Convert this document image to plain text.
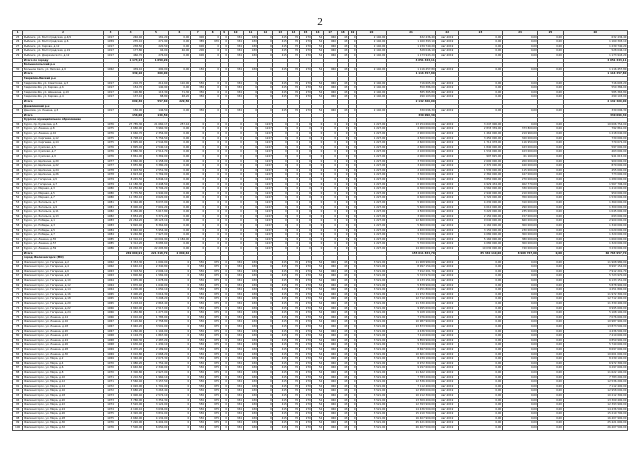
2
1	2	3	4	5	6	7	8	9	10	11	12	13	14	15	16	17	18	19	20	21	22	23	24	25	26
25	Рыбинск, ул. Волгоградская, д.4/9	1917	246,40	181,20	0,00	900	0	0	334	430	0	415	70	270	54	960	43	0	2 140,00	632 436,40	Авг.2019	0,00	0,00	0,00	632 436,40
26	Рыбинск, ул. Волгоградская, д.6	1959	235,10	271,90	0,00	385	970	0	334	430	0	415	70	270	54	960	43	0	2 140,00	1 160 393,10	Авг.2019	0,00	0,00	0,00	1 160 393,10
27	Рыбинск, ул. Кирова, д.12	1917	238,50	220,50	0,00	600	0	0	334	430	0	415	70	270	54	960	43	0	2 140,00	1 239 740,20	Авг.2019	0,00	0,00	0,00	1 239 740,20
28	Рыбинск, ул. Волгоградская, д.19	1917	177,80	94,00	46,00	200	0	0	334	430	0	415	70	270	54	960	43	0	2 140,00	528 046,10	Авг.2019	0,00	0,00	0,00	528 046,10
29	Рыбинск, ул. Дзержинского, д.12	1917	466,70	276,60	0,00	600	0	0	334	430	0	415	70	270	54	960	43	0	2 140,00	1 173 943,20	Авг.2019	0,00	0,00	0,00	1 173 943,20
	Итого по городу		1 173,13	1 059,20																4 651 443,11					4 651 443,11
	Большесельский р-н																								
30	Большое Село, ул. Ямская, д.9	1962	439,10	400,00	0,00	150	0	0	334	430	0	415	70	270	54	960	43	0	2 140,00	1 116 457,80	Авг.2019	0,00	0,00	0,00	1 116 457,80
	Итого		439,10	400,00																1 116 457,80					1 116 457,80
	Гаврилов-Ямский р-н																								
31	Гаврилов-Ям, ул. Советская, д.3	1917	216,70	212,60	110,00	550	0	0	334	0	0	415	70	270	54	960	43	0	2 140,00	716 605,20	Авг.2019	0,00	0,00	0,00	716 605,20
32	Гаврилов-Ям, ул. Кирова, д.6	1917	154,70	140,90	0,00	350	0	0	334	0	0	415	70	270	54	960	43	0	2 140,00	550 386,00	Авг.2019	0,00	0,00	0,00	550 386,00
33	Гаврилов-Ям, ул. Шишкина, д.19	1917	190,80	115,30	71,30	350	0	0	334	0	0	415	70	270	54	960	43	0	2 140,00	585 365,80	Авг.2019	0,00	0,00	0,00	585 365,80
34	Гаврилов-Ям, ул. Кирова, д.4	1917	137,10	88,80	48,20	350	0	0	334	0	0	415	70	270	54	960	43	0	2 140,00	290 103,00	Авг.2019	0,00	0,00	0,00	290 103,00
	Итого		699,30	557,60	229,50															2 142 460,00					2 142 460,00
	Даниловский р-н																								
35	Данилов, ул. Ленина, д.5	1917	156,00	146,50	0,00	350	0	0	334	0	0	415	70	270	54	960	43	0	2 140,00	330 096,30	Авг.2019	0,00	0,00	0,00	330 096,30
	Итого		156,00	146,50																330 096,30					330 096,30
	Курское муниципальное образование																								
36	Курск, пр. Кулакова, д.5	1976	27 785,30	21 660,17	257,16	0	0	0	0	0	1227	0	0	0	0	0	0	0	1 227,00	13 254 660,00	Авг.2019	3 247 906,00	0,00	0,00	10 006 754,00
37	Курск, ул. Ленина, д.8	1975	4 680,00	3 960,30	0,00	0	0	0	0	0	1227	0	0	0	0	0	0	0	1 227,00	4 000 000,00	Авг.2019	2 833 339,00	373 800,00	0,00	792 861,00
38	Курск, ул. Ленина, д.10	1976	2 660,70	2 356,90	0,00	0	0	0	0	0	1227	0	0	0	0	0	0	0	1 227,00	2 900 000,00	Авг.2019	1 462 000,00	219 960,00	0,00	1 218 040,00
39	Курск, ул. Сергеева, д.12	1975	6 798,10	5 756,50	0,00	0	0	0	0	0	1227	0	0	0	0	0	0	0	1 227,00	4 500 000,00	Авг.2019	3 450 000,00	320 000,00	0,00	730 000,00
40	Курск, ул. Сергеева, д.14	1975	2 895,40	2 544,80	0,00	0	0	0	0	0	1227	0	0	0	0	0	0	0	1 227,00	2 600 000,00	Авг.2019	1 712 978,00	116 950,00	0,00	770 072,00
41	Курск, ул. Сумская, д.5	1976	2 895,40	2 540,10	0,00	0	0	0	0	0	1227	0	0	0	0	0	0	0	1 227,00	2 600 000,00	Авг.2019	1 840 000,00	163 000,00	0,00	597 000,00
42	Курск, ул. Сумская, д.7	1976	2 880,30	2 514,70	0,00	0	0	0	0	0	1227	0	0	0	0	0	0	0	1 227,00	2 100 000,00	Авг.2019	1 534 000,00	103 000,00	0,00	463 000,00
43	Курск, ул. Сумская, д.9	1976	3 861,00	3 369,00	0,00	0	0	0	0	0	1227	0	0	0	0	0	0	0	1 227,00	2 000 000,00	Авг.2019	997 825,00	61 160,00	0,00	941 015,00
44	Курск, ул. Щепкина, д.20	1977	4 860,00	4 158,00	0,00	0	0	0	0	0	1227	0	0	0	0	0	0	0	1 227,00	3 700 000,00	Авг.2019	2 600 000,00	200 000,00	0,00	900 000,00
45	Курск, ул. Щепкина, д.22	1977	3 855,80	3 380,20	0,00	0	0	0	0	0	1227	0	0	0	0	0	0	0	1 227,00	3 400 000,00	Авг.2019	2 370 000,00	160 000,00	0,00	870 000,00
46	Курск, ул. Щепкина, д.24	1978	2 903,50	2 551,30	0,00	0	0	0	0	0	1227	0	0	0	0	0	0	0	1 227,00	2 100 000,00	Авг.2019	1 530 000,00	115 000,00	0,00	455 000,00
47	Курск, ул. Щепкина, д.26	1978	4 823,40	3 769,00	0,00	0	0	0	0	0	1227	0	0	0	0	0	0	0	1 227,00	3 300 000,00	Авг.2019	2 360 000,00	167 000,00	0,00	773 000,00
48	Курск, ул. Гагарина, д.5	1979	8 245,50	6 846,10	0,00	0	0	0	0	0	1227	0	0	0	0	0	0	0	1 227,00	5 400 000,00	Авг.2019	3 850 000,00	270 000,00	0,00	1 280 000,00
49	Курск, ул. Гагарина, д.7	1979	12 180,30	9 448,50	0,00	0	0	0	0	0	1227	0	0	0	0	0	0	0	1 227,00	6 900 000,00	Авг.2019	4 929 434,00	402 770,00	0,00	1 567 796,00
50	Курск, ул. Мирная, д.3	1980	10 250,60	8 706,20	0,00	0	0	0	0	0	1227	0	0	0	0	0	0	0	1 227,00	6 300 000,00	Авг.2019	4 560 000,00	330 000,00	0,00	1 410 000,00
51	Курск, ул. Мирная, д.5	1980	5 735,50	4 940,00	0,00	0	0	0	0	0	1227	0	0	0	0	0	0	0	1 227,00	4 100 000,00	Авг.2019	2 940 000,00	210 000,00	0,00	950 000,00
52	Курск, ул. Мирная, д.7	1980	11 350,10	9 620,00	0,00	0	0	0	0	0	1227	0	0	0	0	0	0	0	1 227,00	6 600 000,00	Авг.2019	4 720 000,00	350 000,00	0,00	1 530 000,00
53	Курск, ул. Энгельса, д.7	1981	9 346,90	8 037,00	0,00	0	0	0	0	0	1227	0	0	0	0	0	0	0	1 227,00	5 900 000,00	Авг.2019	4 230 000,00	310 000,00	0,00	1 360 000,00
54	Курск, ул. Энгельса, д.9	1981	8 900,40	7 601,20	0,00	0	0	0	0	0	1227	0	0	0	0	0	0	0	1 227,00	5 600 000,00	Авг.2019	4 010 000,00	290 000,00	0,00	1 300 000,00
55	Курск, ул. Энгельса, д.11	1982	6 456,90	5 617,80	0,00	0	0	0	0	0	1227	0	0	0	0	0	0	0	1 227,00	4 500 000,00	Авг.2019	3 220 000,00	235 000,00	0,00	1 045 000,00
56	Курск, ул. Энгельса, д.13	1982	3 854,20	3 371,20	0,00	0	0	0	0	0	1227	0	0	0	0	0	0	0	1 227,00	3 000 000,00	Авг.2019	2 150 000,00	157 000,00	0,00	693 000,00
57	Курск, ул. Победы, д.1	1983	22 264,20	18 123,10	0,00	0	0	0	0	0	1227	0	0	0	0	0	0	0	1 227,00	12 600 000,00	Авг.2019	9 040 000,00	660 000,00	0,00	2 900 000,00
58	Курск, ул. Победы, д.3	1983	9 820,40	8 362,60	0,00	0	0	0	0	0	1227	0	0	0	0	0	0	0	1 227,00	5 800 000,00	Авг.2019	4 160 000,00	300 000,00	0,00	1 340 000,00
59	Курск, ул. Победы, д.5	1984	6 840,40	5 954,40	0,00	0	0	0	0	0	1227	0	0	0	0	0	0	0	1 227,00	4 400 000,00	Авг.2019	3 150 000,00	230 000,00	0,00	1 020 000,00
60	Курск, ул. Победы, д.7	1984	9 246,80	7 927,00	0,00	0	0	0	0	0	1227	0	0	0	0	0	0	0	1 227,00	5 700 000,00	Авг.2019	4 080 000,00	300 000,00	0,00	1 320 000,00
61	Курск, ул. Ленина, д.55	1985	12 316,10	10 002,90	1 184,00	0	0	0	0	0	1227	0	0	0	0	0	0	0	1 227,00	7 200 000,00	Авг.2019	5 160 000,00	380 000,00	0,00	1 660 000,00
62	Курск, ул. Ленина, д.57	1985	9 312,20	8 085,60	0,00	0	0	0	0	0	1227	0	0	0	0	0	0	0	1 227,00	5 700 000,00	Авг.2019	4 080 000,00	300 000,00	0,00	1 320 000,00
63	Курск, ул. Ленина, д.59	1986	26 002,70	22 205,80	0,00	0	0	0	0	0	1227	0	0	0	0	0	0	0	1 227,00	14 000 000,00	Авг.2019	10 030 000,00	740 000,00	0,00	3 230 000,00
	Итого		269 060,91	221 418,79	2 660,62															155 011 834,70		85 340 110,00	8 908 767,00	0,00	60 763 957,70
	город Железногорск (МО)																								
64	Железногорск, ул. Гагарина, д.2	1962	3 353,30	1 000,00	0	550	975	0	334	430	0	415	70	270	54	960	43	0	3 521,00	11 908 980,00	Авг.2019	0,00	0,00	0,00	11 908 980,00
65	Железногорск, ул. Гагарина, д.4	1962	2 640,10	2 340,80	0	550	975	0	334	430	0	415	70	270	54	960	43	0	3 521,00	8 997 154,00	Авг.2019	0,00	0,00	0,00	8 997 154,00
66	Железногорск, ул. Гагарина, д.6	1963	2 318,50	2 006,10	0	550	975	0	334	430	0	415	70	270	54	960	43	0	3 521,00	7 912 201,70	Авг.2019	0,00	0,00	0,00	7 912 201,70
67	Железногорск, ул. Гагарина, д.8	1963	1 800,60	1 582,00	0	550	975	0	334	430	0	415	70	270	54	960	43	0	3 521,00	5 723 970,00	Авг.2019	0,00	0,00	0,00	5 723 970,00
68	Железногорск, ул. Гагарина, д.10	1964	1 935,00	1 678,00	0	550	975	0	334	430	0	415	70	270	54	960	43	0	3 521,00	6 133 151,00	Авг.2019	0,00	0,00	0,00	6 133 151,00
69	Железногорск, ул. Гагарина, д.12	1964	1 870,40	1 640,00	0	550	975	0	334	430	0	415	70	270	54	960	43	0	3 521,00	5 878 900,00	Авг.2019	0,00	0,00	0,00	5 878 900,00
70	Железногорск, ул. Гагарина, д.14	1964	1 200,00	1 050,10	0	550	975	0	334	430	0	415	70	270	54	960	43	0	3 521,00	4 251 800,00	Авг.2019	0,00	0,00	0,00	4 251 800,00
71	Железногорск, ул. Гагарина, д.16	1965	3 400,20	3 016,30	0	550	975	0	334	430	0	415	70	270	54	960	43	0	3 521,00	11 972 300,00	Авг.2019	0,00	0,00	0,00	11 972 300,00
72	Железногорск, ул. Гагарина, д.18	1965	3 610,50	3 208,20	0	550	975	0	334	430	0	415	70	270	54	960	43	0	3 521,00	12 712 400,00	Авг.2019	0,00	0,00	0,00	12 712 400,00
73	Железногорск, ул. Гагарина, д.20	1965	3 218,10	2 863,40	0	550	975	0	334	430	0	415	70	270	54	960	43	0	3 521,00	11 330 400,00	Авг.2019	0,00	0,00	0,00	11 330 400,00
74	Железногорск, ул. Гагарина, д.22	1966	2 840,00	2 517,00	0	550	975	0	334	430	0	415	70	270	54	960	43	0	3 521,00	9 995 600,00	Авг.2019	0,00	0,00	0,00	9 995 600,00
75	Железногорск, ул. Гагарина, д.24	1966	1 450,80	1 277,00	0	550	975	0	334	430	0	415	70	270	54	960	43	0	3 521,00	5 108 100,00	Авг.2019	0,00	0,00	0,00	5 108 100,00
76	Железногорск, ул. Ленина, д.14	1966	2 010,40	1 785,00	0	550	975	0	334	430	0	415	70	270	54	960	43	0	3 521,00	7 076 600,00	Авг.2019	0,00	0,00	0,00	7 076 600,00
77	Железногорск, ул. Ленина, д.16	1967	3 120,60	2 758,80	0	550	975	0	334	430	0	415	70	270	54	960	43	0	3 521,00	10 987 900,00	Авг.2019	0,00	0,00	0,00	10 987 900,00
78	Железногорск, ул. Ленина, д.18	1967	3 940,20	3 501,00	0	550	975	0	334	430	0	415	70	270	54	960	43	0	3 521,00	13 873 500,00	Авг.2019	0,00	0,00	0,00	13 873 500,00
79	Железногорск, ул. Ленина, д.20	1967	1 260,00	1 104,00	0	550	975	0	334	430	0	415	70	270	54	960	43	0	3 521,00	4 436 500,00	Авг.2019	0,00	0,00	0,00	4 436 500,00
80	Железногорск, ул. Ленина, д.22	1968	2 104,70	1 867,90	0	550	975	0	334	430	0	415	70	270	54	960	43	0	3 521,00	7 410 600,00	Авг.2019	0,00	0,00	0,00	7 410 600,00
81	Железногорск, ул. Ленина, д.24	1968	2 800,30	2 487,20	0	550	975	0	334	430	0	415	70	270	54	960	43	0	3 521,00	9 859 900,00	Авг.2019	0,00	0,00	0,00	9 859 900,00
82	Железногорск, ул. Ленина, д.26	1968	1 630,40	1 430,10	0	550	975	0	334	430	0	415	70	270	54	960	43	0	3 521,00	5 740 600,00	Авг.2019	0,00	0,00	0,00	5 740 600,00
83	Железногорск, ул. Ленина, д.28	1969	2 470,20	2 189,60	0	550	975	0	334	430	0	415	70	270	54	960	43	0	3 521,00	8 697 600,00	Авг.2019	0,00	0,00	0,00	8 697 600,00
84	Железногорск, ул. Ленина, д.30	1969	3 010,80	2 668,20	0	550	975	0	334	430	0	415	70	270	54	960	43	0	3 521,00	10 601 000,00	Авг.2019	0,00	0,00	0,00	10 601 000,00
85	Железногорск, ул. Мира, д.2	1969	2 340,00	2 073,30	0	550	975	0	334	430	0	415	70	270	54	960	43	0	3 521,00	8 239 100,00	Авг.2019	0,00	0,00	0,00	8 239 100,00
86	Железногорск, ул. Мира, д.4	1970	1 980,20	1 752,40	0	550	975	0	334	430	0	415	70	270	54	960	43	0	3 521,00	6 972 300,00	Авг.2019	0,00	0,00	0,00	6 972 300,00
87	Железногорск, ул. Мира, д.6	1970	2 640,60	2 340,00	0	550	975	0	334	430	0	415	70	270	54	960	43	0	3 521,00	9 297 600,00	Авг.2019	0,00	0,00	0,00	9 297 600,00
88	Железногорск, ул. Мира, д.8	1970	3 300,80	2 927,00	0	550	975	0	334	430	0	415	70	270	54	960	43	0	3 521,00	11 622 100,00	Авг.2019	0,00	0,00	0,00	11 622 100,00
89	Железногорск, ул. Мира, д.10	1971	2 210,50	1 960,10	0	550	975	0	334	430	0	415	70	270	54	960	43	0	3 521,00	7 783 200,00	Авг.2019	0,00	0,00	0,00	7 783 200,00
90	Железногорск, ул. Мира, д.12	1971	3 560,40	3 157,50	0	550	975	0	334	430	0	415	70	270	54	960	43	0	3 521,00	12 536 200,00	Авг.2019	0,00	0,00	0,00	12 536 200,00
91	Железногорск, ул. Мира, д.14	1972	2 020,00	1 791,00	0	550	975	0	334	430	0	415	70	270	54	960	43	0	3 521,00	7 112 400,00	Авг.2019	0,00	0,00	0,00	7 112 400,00
92	Железногорск, ул. Мира, д.16	1972	3 680,20	3 263,40	0	550	975	0	334	430	0	415	70	270	54	960	43	0	3 521,00	12 958 000,00	Авг.2019	0,00	0,00	0,00	12 958 000,00
93	Железногорск, ул. Мира, д.18	1973	2 900,40	2 572,10	0	550	975	0	334	430	0	415	70	270	54	960	43	0	3 521,00	10 212 300,00	Авг.2019	0,00	0,00	0,00	10 212 300,00
94	Железногорск, ул. Мира, д.20	1973	3 780,00	3 352,30	0	550	975	0	334	430	0	415	70	270	54	960	43	0	3 521,00	13 309 400,00	Авг.2019	0,00	0,00	0,00	13 309 400,00
95	Железногорск, ул. Мира, д.22	1974	3 520,00	3 122,00	0	550	975	0	334	430	0	415	70	270	54	960	43	0	3 521,00	12 393 900,00	Авг.2019	0,00	0,00	0,00	12 393 900,00
96	Железногорск, ул. Мира, д.24	1974	4 100,10	3 636,00	0	550	975	0	334	430	0	415	70	270	54	960	43	0	3 521,00	14 436 500,00	Авг.2019	0,00	0,00	0,00	14 436 500,00
97	Железногорск, ул. Мира, д.26	1975	4 320,00	3 831,00	0	550	975	0	334	430	0	415	70	270	54	960	43	0	3 521,00	15 210 700,00	Авг.2019	0,00	0,00	0,00	15 210 700,00
98	Железногорск, ул. Мира, д.28	1975	4 660,00	4 132,00	0	550	975	0	334	430	0	415	70	270	54	960	43	0	3 521,00	16 407 900,00	Авг.2019	0,00	0,00	0,00	16 407 900,00
99	Железногорск, ул. Мира, д.30	1976	7 220,00	6 402,00	0	550	975	0	334	430	0	415	70	270	54	960	43	0	3 521,00	25 421 600,00	Авг.2019	0,00	0,00	0,00	25 421 600,00
100	Железногорск, ул. Мира, д.32	1976	7 500,00	6 650,00	0	550	975	0	334	430	0	415	70	270	54	960	43	0	3 521,00	26 407 500,00	Авг.2019	0,00	0,00	0,00	26 407 500,00
